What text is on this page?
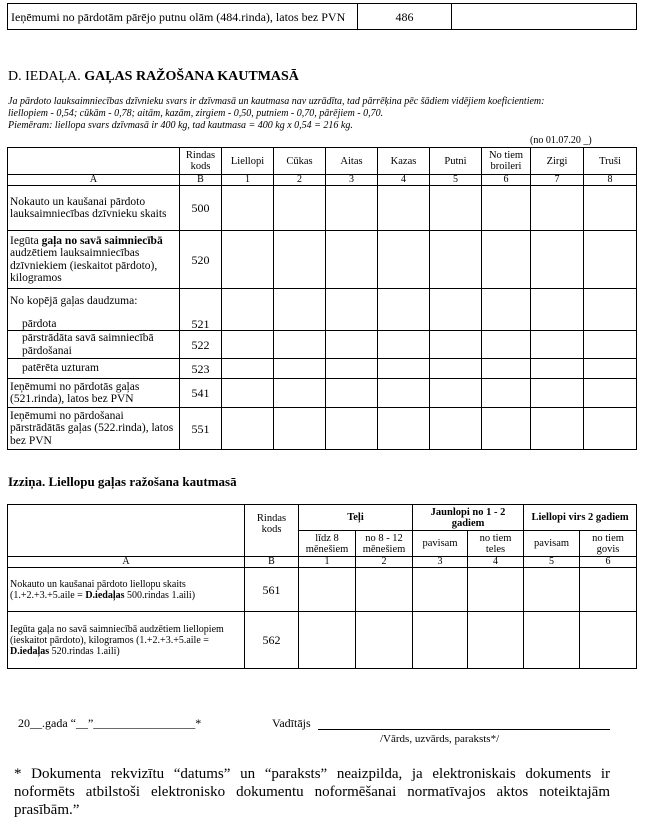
Ieņēmumi no pārdotām pārējo putnu olām (484.rinda), latos bez PVN	486	
D. IEDAĻA. GAĻAS RAŽOŠANA KAUTMASĀ
Ja pārdoto lauksaimniecības dzīvnieku svars ir dzīvmasā un kautmasa nav uzrādīta, tad pārrēķina pēc šādiem vidējiem koeficientiem:
liellopiem - 0,54; cūkām - 0,78; aitām, kazām, zirgiem - 0,50, putniem - 0,70, pārējiem - 0,70.
Piemēram: liellopa svars dzīvmasā ir 400 kg, tad kautmasa = 400 kg x 0,54 = 216 kg.
(no 01.07.20 _)
	Rindas kods	Liellopi	Cūkas	Aitas	Kazas	Putni	No tiem broileri	Zirgi	Truši
A	B	1	2	3	4	5	6	7	8
Nokauto un kaušanai pārdoto lauksaimniecības dzīvnieku skaits	500								
Iegūta gaļa no savā saimniecībā audzētiem lauksaimniecības dzīvniekiem (ieskaitot pārdoto), kilogramos	520								
No kopējā gaļas daudzuma:									
pārdota	521								
pārstrādāta savā saimniecībā pārdošanai	522								
patērēta uzturam	523								
Ieņēmumi no pārdotās gaļas (521.rinda), latos bez PVN	541								
Ieņēmumi no pārdošanai pārstrādātās gaļas (522.rinda), latos bez PVN	551								
Izziņa. Liellopu gaļas ražošana kautmasā
	Rindas kods	Teļi		Jaunlopi no 1 - 2 gadiem		Liellopi virs 2 gadiem	
		līdz 8 mēnešiem	no 8 - 12 mēnešiem	pavisam	no tiem teles	pavisam	no tiem govis
A	B	1	2	3	4	5	6
Nokauto un kaušanai pārdoto liellopu skaits (1.+2.+3.+5.aile = D.iedaļas 500.rindas 1.aili)	561						
Iegūta gaļa no savā saimniecībā audzētiem liellopiem (ieskaitot pārdoto), kilogramos (1.+2.+3.+5.aile = D.iedaļas 520.rindas 1.aili)	562						
20__.gada “__”_________________*	Vadītājs
/Vārds, uzvārds, paraksts*/
* Dokumenta rekvizītu “datums” un “paraksts” neaizpilda, ja elektroniskais dokuments ir noformēts atbilstoši elektronisko dokumentu noformēšanai normatīvajos aktos noteiktajām prasībām.”
